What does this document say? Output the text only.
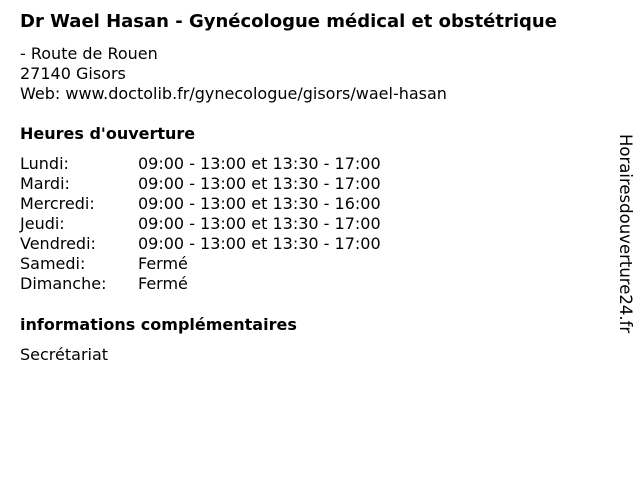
Dr Wael Hasan - Gynécologue médical et obstétrique
- Route de Rouen
27140 Gisors
Web: www.doctolib.fr/gynecologue/gisors/wael-hasan
Heures d'ouverture
Lundi:	09:00 - 13:00 et 13:30 - 17:00
Mardi:	09:00 - 13:00 et 13:30 - 17:00
Mercredi:	09:00 - 13:00 et 13:30 - 16:00
Jeudi:	09:00 - 13:00 et 13:30 - 17:00
Vendredi:	09:00 - 13:00 et 13:30 - 17:00
Samedi:	Fermé
Dimanche:	Fermé
informations complémentaires
Secrétariat
Horairesdouverture24.fr
